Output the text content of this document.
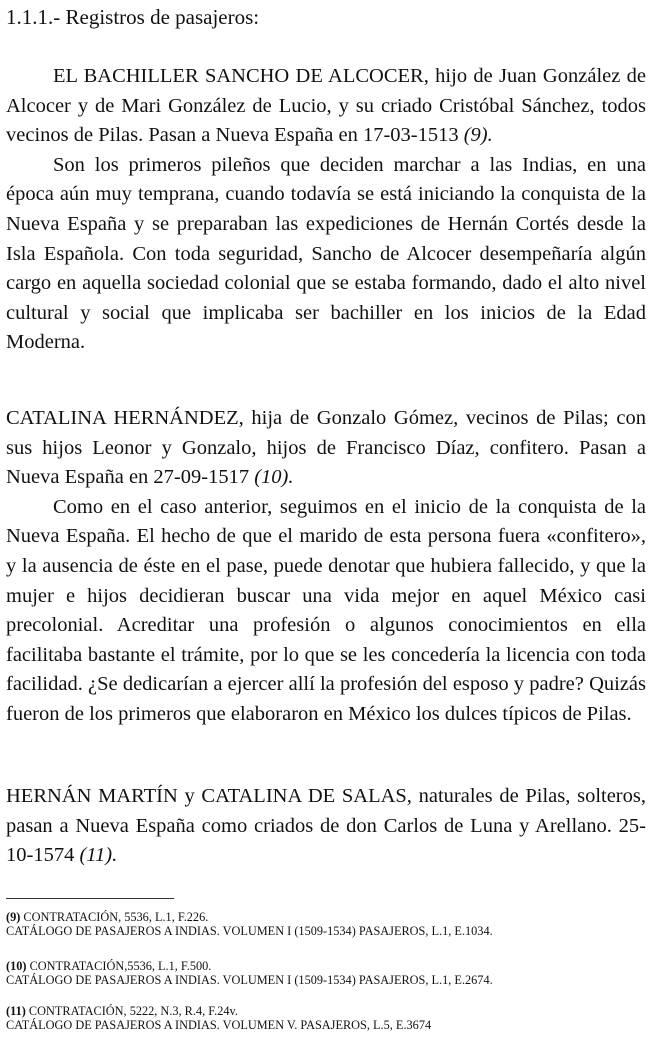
1.1.1.- Registros de pasajeros:

EL BACHILLER SANCHO DE ALCOCER, hijo de Juan González de Alcocer y de Mari González de Lucio, y su criado Cristóbal Sánchez, todos vecinos de Pilas. Pasan a Nueva España en 17-03-1513 (9).

Son los primeros pileños que deciden marchar a las Indias, en una época aún muy temprana, cuando todavía se está iniciando la conquista de la Nueva España y se preparaban las expediciones de Hernán Cortés desde la Isla Española. Con toda seguridad, Sancho de Alcocer desempeñaría algún cargo en aquella sociedad colonial que se estaba formando, dado el alto nivel cultural y social que implicaba ser bachiller en los inicios de la Edad Moderna.

CATALINA HERNÁNDEZ, hija de Gonzalo Gómez, vecinos de Pilas; con sus hijos Leonor y Gonzalo, hijos de Francisco Díaz, confitero. Pasan a Nueva España en 27-09-1517 (10).

Como en el caso anterior, seguimos en el inicio de la conquista de la Nueva España. El hecho de que el marido de esta persona fuera «confitero», y la ausencia de éste en el pase, puede denotar que hubiera fallecido, y que la mujer e hijos decidieran buscar una vida mejor en aquel México casi precolonial. Acreditar una profesión o algunos conocimientos en ella facilitaba bastante el trámite, por lo que se les concedería la licencia con toda facilidad. ¿Se dedicarían a ejercer allí la profesión del esposo y padre? Quizás fueron de los primeros que elaboraron en México los dulces típicos de Pilas.

HERNÁN MARTÍN y CATALINA DE SALAS, naturales de Pilas, solteros, pasan a Nueva España como criados de don Carlos de Luna y Arellano. 25-10-1574 (11).

(9) CONTRATACIÓN, 5536, L.1, F.226.
CATÁLOGO DE PASAJEROS A INDIAS. VOLUMEN I (1509-1534) PASAJEROS, L.1, E.1034.
(10) CONTRATACIÓN,5536, L.1, F.500.
CATÁLOGO DE PASAJEROS A INDIAS. VOLUMEN I (1509-1534) PASAJEROS, L.1, E.2674.
(11) CONTRATACIÓN, 5222, N.3, R.4, F.24v.
CATÁLOGO DE PASAJEROS A INDIAS. VOLUMEN V. PASAJEROS, L.5, E.3674
